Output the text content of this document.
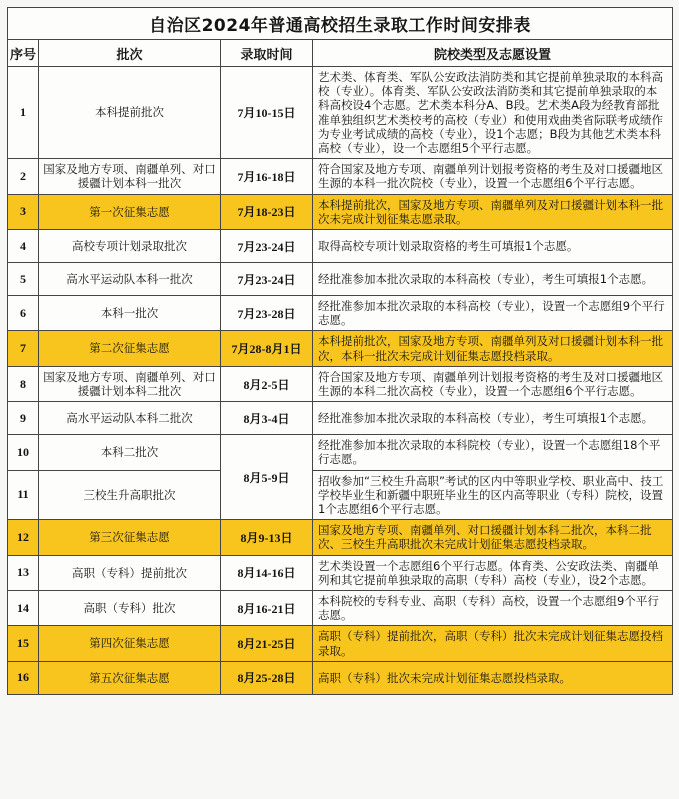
自治区2024年普通高校招生录取工作时间安排表			
序号	批次	录取时间	院校类型及志愿设置
1	本科提前批次	7月10-15日	艺术类、体育类、军队公安政法消防类和其它提前单独录取的本科高校（专业）。体育类、军队公安政法消防类和其它提前单独录取的本科高校设4个志愿。艺术类本科分A、B段。艺术类A段为经教育部批准单独组织艺术类校考的高校（专业）和使用戏曲类省际联考成绩作为专业考试成绩的高校（专业），设1个志愿；B段为其他艺术类本科高校（专业），设一个志愿组5个平行志愿。
2	国家及地方专项、南疆单列、对口援疆计划本科一批次	7月16-18日	符合国家及地方专项、南疆单列计划报考资格的考生及对口援疆地区生源的本科一批次院校（专业），设置一个志愿组6个平行志愿。
3	第一次征集志愿	7月18-23日	本科提前批次，国家及地方专项、南疆单列及对口援疆计划本科一批次未完成计划征集志愿录取。
4	高校专项计划录取批次	7月23-24日	取得高校专项计划录取资格的考生可填报1个志愿。
5	高水平运动队本科一批次	7月23-24日	经批准参加本批次录取的本科高校（专业），考生可填报1个志愿。
6	本科一批次	7月23-28日	经批准参加本批次录取的本科高校（专业），设置一个志愿组9个平行志愿。
7	第二次征集志愿	7月28-8月1日	本科提前批次，国家及地方专项、南疆单列及对口援疆计划本科一批次，本科一批次未完成计划征集志愿投档录取。
8	国家及地方专项、南疆单列、对口援疆计划本科二批次	8月2-5日	符合国家及地方专项、南疆单列计划报考资格的考生及对口援疆地区生源的本科二批次高校（专业），设置一个志愿组6个平行志愿。
9	高水平运动队本科二批次	8月3-4日	经批准参加本批次录取的本科高校（专业），考生可填报1个志愿。
10	本科二批次	8月5-9日	经批准参加本批次录取的本科院校（专业），设置一个志愿组18个平行志愿。
11	三校生升高职批次		招收参加“三校生升高职”考试的区内中等职业学校、职业高中、技工学校毕业生和新疆中职班毕业生的区内高等职业（专科）院校，设置1个志愿组6个平行志愿。
12	第三次征集志愿	8月9-13日	国家及地方专项、南疆单列、对口援疆计划本科二批次，本科二批次、三校生升高职批次未完成计划征集志愿投档录取。
13	高职（专科）提前批次	8月14-16日	艺术类设置一个志愿组6个平行志愿。体育类、公安政法类、南疆单列和其它提前单独录取的高职（专科）高校（专业），设2个志愿。
14	高职（专科）批次	8月16-21日	本科院校的专科专业、高职（专科）高校，设置一个志愿组9个平行志愿。
15	第四次征集志愿	8月21-25日	高职（专科）提前批次，高职（专科）批次未完成计划征集志愿投档录取。
16	第五次征集志愿	8月25-28日	高职（专科）批次未完成计划征集志愿投档录取。
